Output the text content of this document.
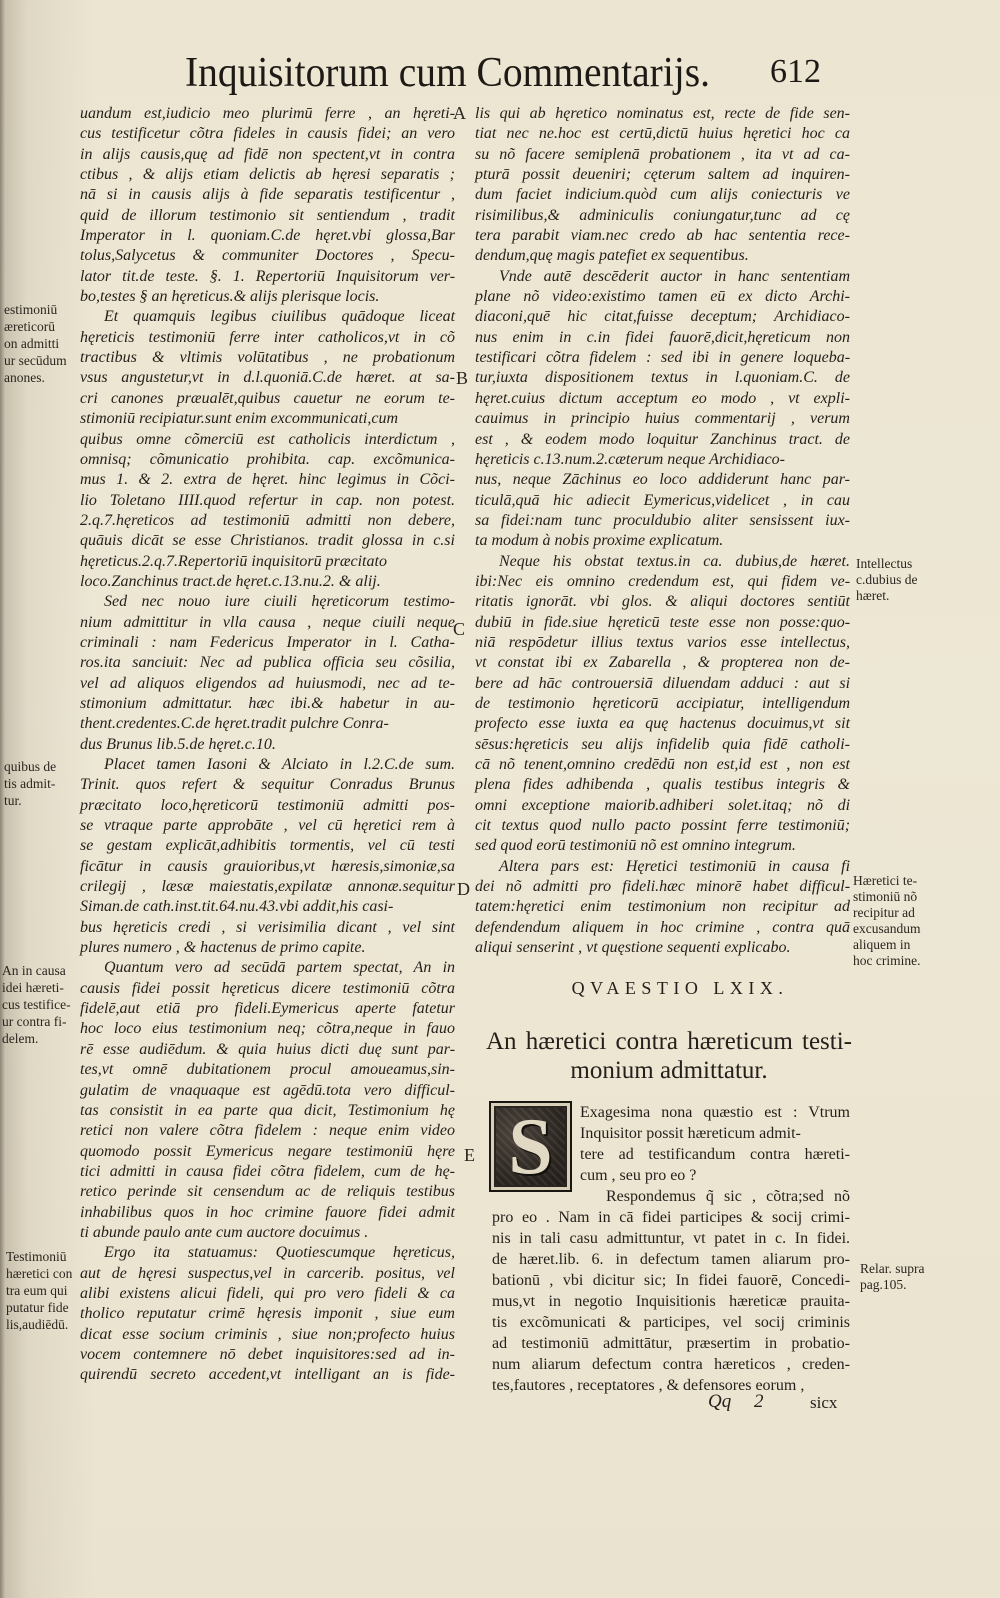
Inquisitorum cum Commentarijs. 612
uandum est,iudicio meo plurimū ferre , an hęreti-
cus testificetur cõtra fideles in causis fidei; an vero
in alijs causis,quę ad fidē non spectent,vt in contra
ctibus , & alijs etiam delictis ab hęresi separatis ;
nā si in causis alijs à fide separatis testificentur ,
quid de illorum testimonio sit sentiendum , tradit
Imperator in l. quoniam.C.de hęret.vbi glossa,Bar
tolus,Salycetus & communiter Doctores , Specu-
lator tit.de teste. §. 1. Repertoriū Inquisitorum ver-
bo,testes § an hęreticus.& alijs plerisque locis.
Et quamquis legibus ciuilibus quādoque liceat
hęreticis testimoniū ferre inter catholicos,vt in cõ
tractibus & vltimis volūtatibus , ne probationum
vsus angustetur,vt in d.l.quoniā.C.de hæret. at sa-
cri canones præualēt,quibus cauetur ne eorum te-
stimoniū recipiatur.sunt enim excommunicati,cum
quibus omne cõmerciū est catholicis interdictum ,
omnisq; cõmunicatio prohibita. cap. excõmunica-
mus 1. & 2. extra de hęret. hinc legimus in Cõci-
lio Toletano IIII.quod refertur in cap. non potest.
2.q.7.hęreticos ad testimoniū admitti non debere,
quāuis dicāt se esse Christianos. tradit glossa in c.si
hęreticus.2.q.7.Repertoriū inquisitorū præcitato
loco.Zanchinus tract.de hęret.c.13.nu.2. & alij.
Sed nec nouo iure ciuili hęreticorum testimo-
nium admittitur in vlla causa , neque ciuili neque
criminali : nam Federicus Imperator in l. Catha-
ros.ita sanciuit: Nec ad publica officia seu cõsilia,
vel ad aliquos eligendos ad huiusmodi, nec ad te-
stimonium admittatur. hæc ibi.& habetur in au-
thent.credentes.C.de hęret.tradit pulchre Conra-
dus Brunus lib.5.de hęret.c.10.
Placet tamen Iasoni & Alciato in l.2.C.de sum.
Trinit. quos refert & sequitur Conradus Brunus
præcitato loco,hęreticorū testimoniū admitti pos-
se vtraque parte approbāte , vel cū hęretici rem à
se gestam explicāt,adhibitis tormentis, vel cū testi
ficātur in causis grauioribus,vt hæresis,simoniæ,sa
crilegij , læsæ maiestatis,expilatæ annonæ.sequitur
Siman.de cath.inst.tit.64.nu.43.vbi addit,his casi-
bus hęreticis credi , si verisimilia dicant , vel sint
plures numero , & hactenus de primo capite.
Quantum vero ad secūdā partem spectat, An in
causis fidei possit hęreticus dicere testimoniū cõtra
fidelē,aut etiā pro fideli.Eymericus aperte fatetur
hoc loco eius testimonium neq; cõtra,neque in fauo
rē esse audiēdum. & quia huius dicti duę sunt par-
tes,vt omnē dubitationem procul amoueamus,sin-
gulatim de vnaquaque est agēdū.tota vero difficul-
tas consistit in ea parte qua dicit, Testimonium hę
retici non valere cõtra fidelem : neque enim video
quomodo possit Eymericus negare testimoniū hęre
tici admitti in causa fidei cõtra fidelem, cum de hę-
retico perinde sit censendum ac de reliquis testibus
inhabilibus quos in hoc crimine fauore fidei admit
ti abunde paulo ante cum auctore docuimus .
Ergo ita statuamus: Quotiescumque hęreticus,
aut de hęresi suspectus,vel in carcerib. positus, vel
alibi existens alicui fideli, qui pro vero fideli & ca
tholico reputatur crimē hęresis imponit , siue eum
dicat esse socium criminis , siue non;profecto huius
vocem contemnere nō debet inquisitores:sed ad in-
quirendū secreto accedent,vt intelligant an is fide-
lis qui ab hęretico nominatus est, recte de fide sen-
tiat nec ne.hoc est certū,dictū huius hęretici hoc ca
su nõ facere semiplenā probationem , ita vt ad ca-
pturā possit deueniri; cęterum saltem ad inquiren-
dum faciet indicium.quòd cum alijs coniecturis ve
risimilibus,& adminiculis coniungatur,tunc ad cę
tera parabit viam.nec credo ab hac sententia rece-
dendum,quę magis patefiet ex sequentibus.
Vnde autē descēderit auctor in hanc sententiam
plane nõ video:existimo tamen eū ex dicto Archi-
diaconi,quē hic citat,fuisse deceptum; Archidiaco-
nus enim in c.in fidei fauorē,dicit,hęreticum non
testificari cõtra fidelem : sed ibi in genere loqueba-
tur,iuxta dispositionem textus in l.quoniam.C. de
hęret.cuius dictum acceptum eo modo , vt expli-
cauimus in principio huius commentarij , verum
est , & eodem modo loquitur Zanchinus tract. de
hęreticis c.13.num.2.cæterum neque Archidiaco-
nus, neque Zāchinus eo loco addiderunt hanc par-
ticulā,quā hic adiecit Eymericus,videlicet , in cau
sa fidei:nam tunc proculdubio aliter sensissent iux-
ta modum à nobis proxime explicatum.
Neque his obstat textus.in ca. dubius,de hæret.
ibi:Nec eis omnino credendum est, qui fidem ve-
ritatis ignorāt. vbi glos. & aliqui doctores sentiūt
dubiū in fide.siue hęreticū teste esse non posse:quo-
niā respōdetur illius textus varios esse intellectus,
vt constat ibi ex Zabarella , & propterea non de-
bere ad hāc controuersiā diluendam adduci : aut si
de testimonio hęreticorū accipiatur, intelligendum
profecto esse iuxta ea quę hactenus docuimus,vt sit
sēsus:hęreticis seu alijs infidelib quia fidē catholi-
cā nõ tenent,omnino credēdū non est,id est , non est
plena fides adhibenda , qualis testibus integris &
omni exceptione maiorib.adhiberi solet.itaq; nõ di
cit textus quod nullo pacto possint ferre testimoniū;
sed quod eorū testimoniū nõ est omnino integrum.
Altera pars est: Hęretici testimoniū in causa fi
dei nõ admitti pro fideli.hæc minorē habet difficul-
tatem:hęretici enim testimonium non recipitur ad
defendendum aliquem in hoc crimine , contra quā
aliqui senserint , vt quęstione sequenti explicabo.
A
B
C
D
E
estimoniū
æreticorū
on admitti
ur secūdum
anones.
quibus de
tis admit-
tur.
An in causa
idei hæreti-
cus testifice-
ur contra fi-
delem.
Testimoniū
hæretici con
tra eum qui
putatur fide
lis,audiēdū.
Intellectus
c.dubius de
hæret.
Hæretici te-
stimoniū nõ
recipitur ad
excusandum
aliquem in
hoc crimine.
Relar. supra
pag.105.
QVAESTIO LXIX.
An hæretici contra hæreticum testi-
monium admittatur.
S	Exagesima nona quæstio est : Vtrum
Inquisitor possit hæreticum admit-
tere ad testificandum contra hæreti-
cum , seu pro eo ?
Respondemus q̃ sic , cõtra;sed nõ
pro eo . Nam in cā fidei participes & socij crimi-
nis in tali casu admittuntur, vt patet in c. In fidei.
de hæret.lib. 6. in defectum tamen aliarum pro-
bationū , vbi dicitur sic; In fidei fauorē, Concedi-
mus,vt in negotio Inquisitionis hæreticæ prauita-
tis excõmunicati & participes, vel socij criminis
ad testimoniū admittātur, præsertim in probatio-
num aliarum defectum contra hæreticos , creden-
tes,fautores , receptatores , & defensores eorum ,
Qq 2	sicx
